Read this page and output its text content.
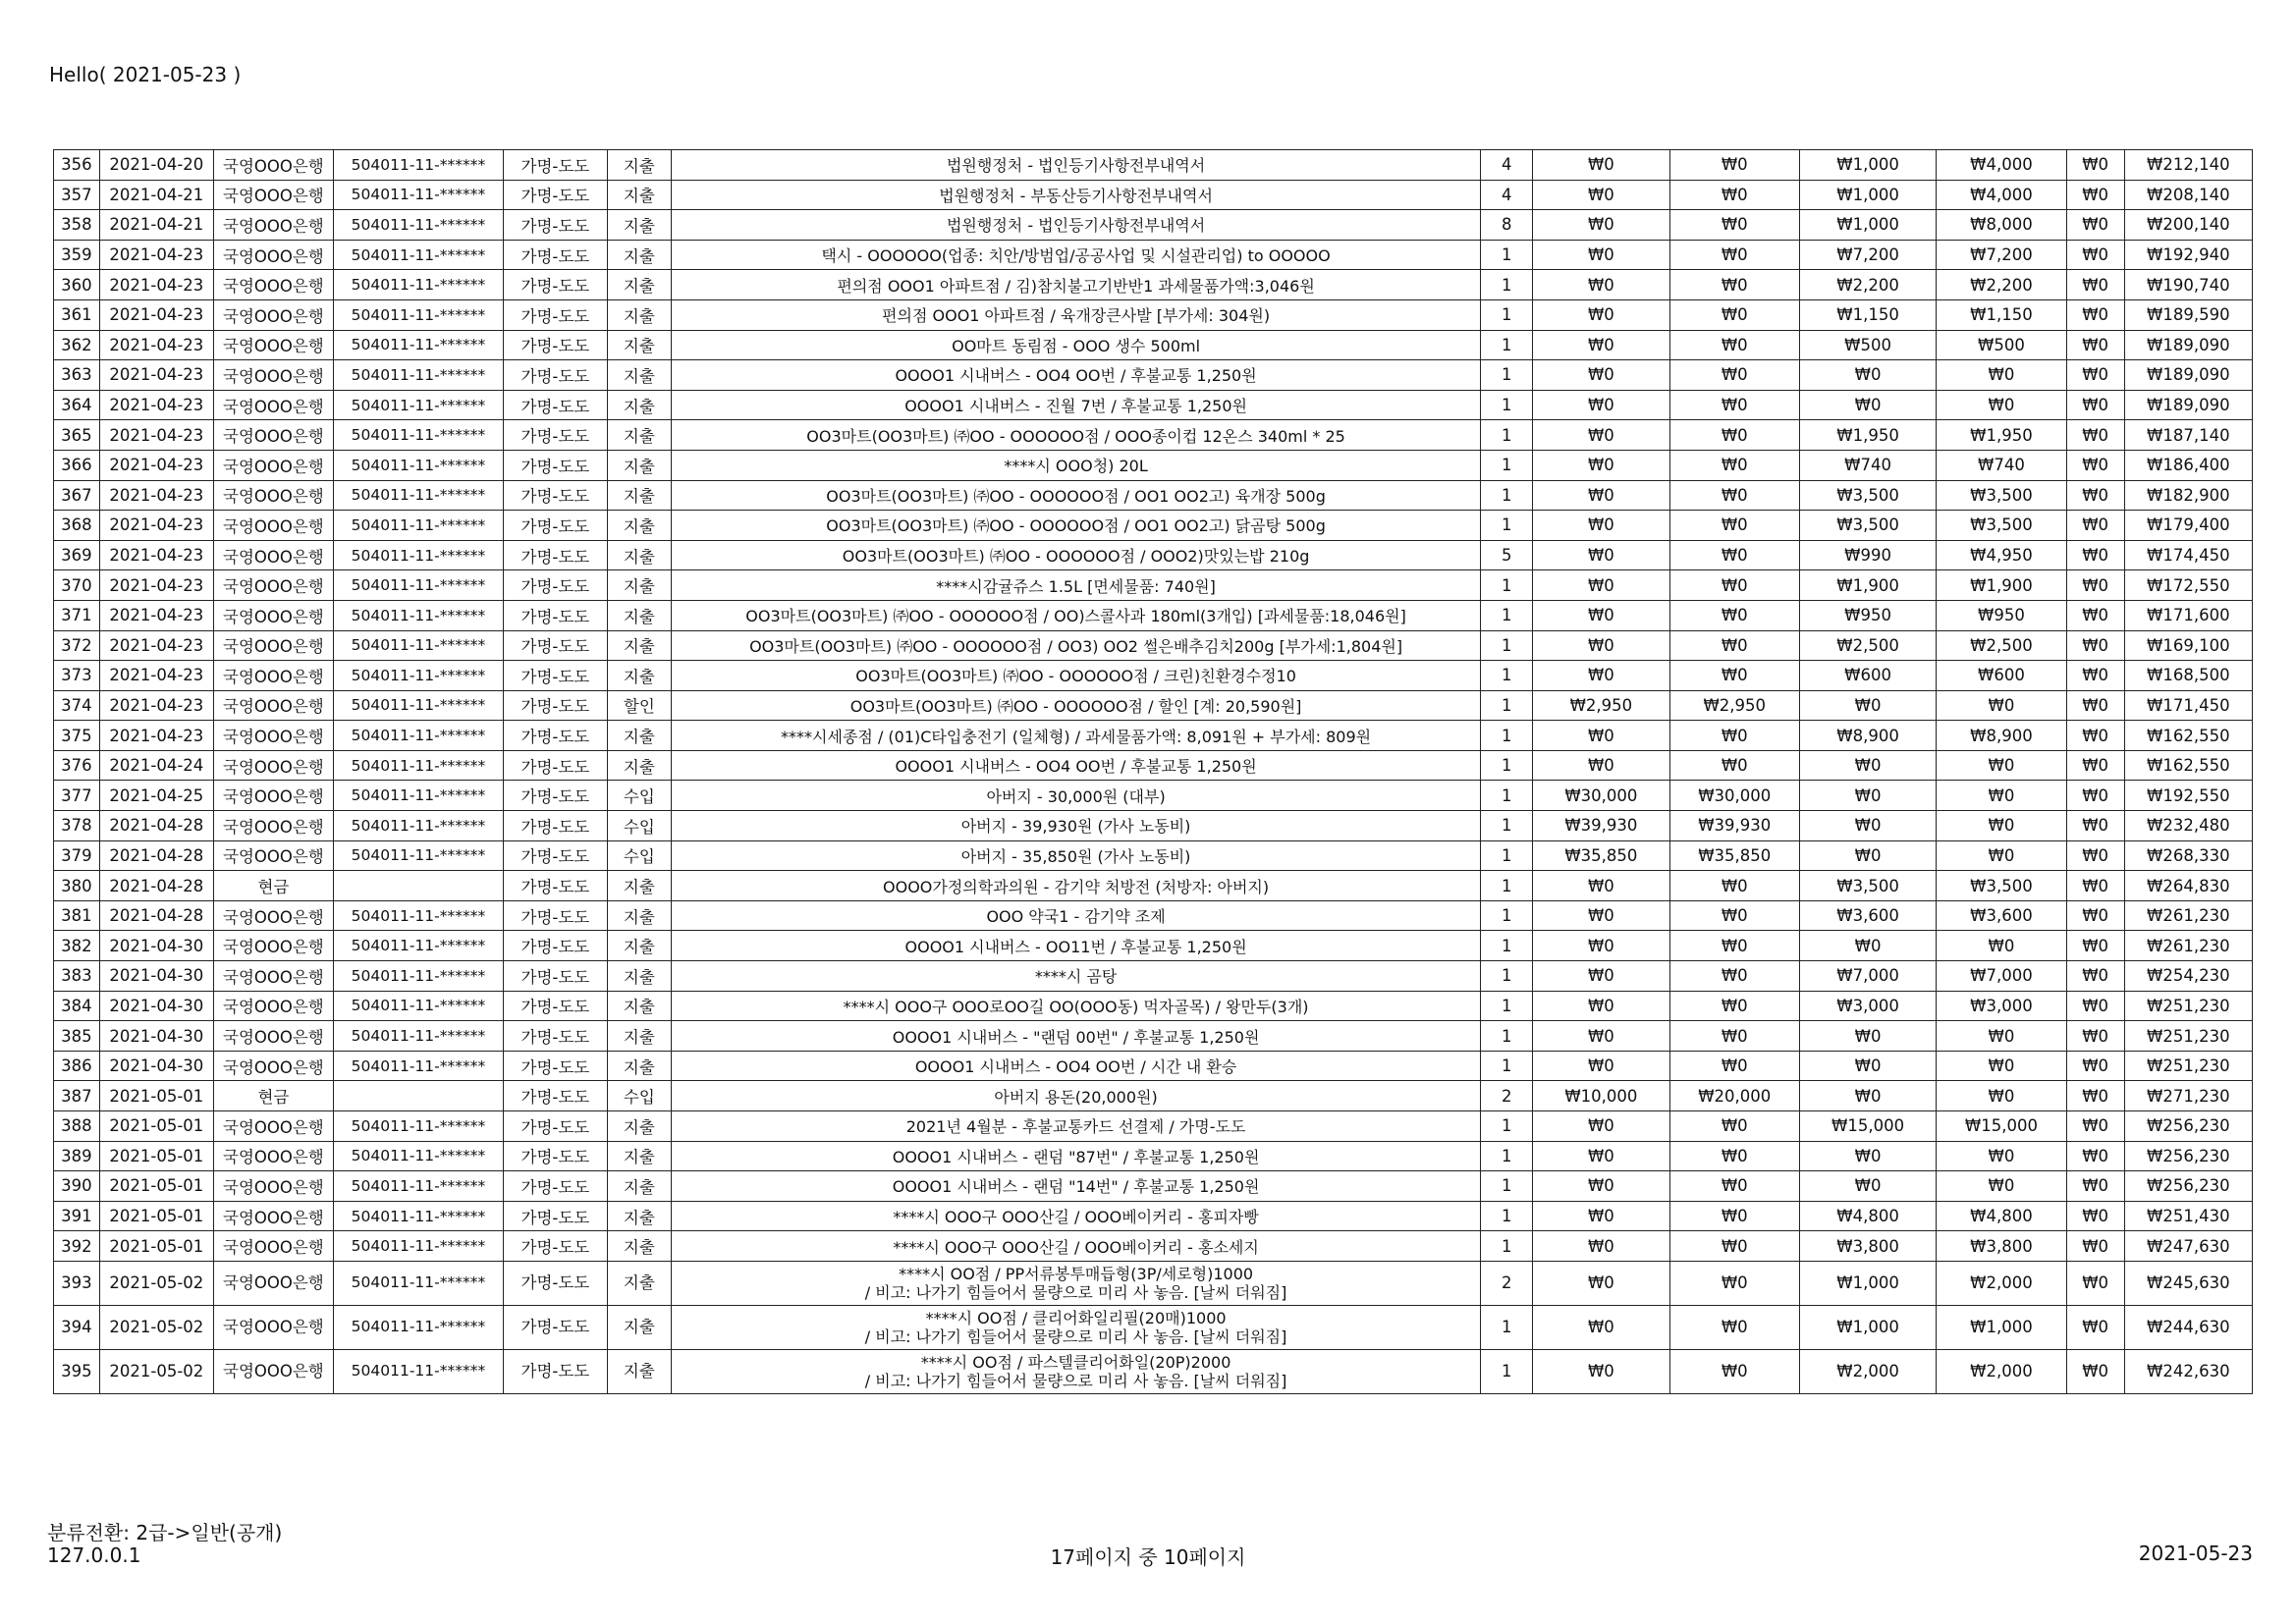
Hello( 2021-05-23 )
356	2021-04-20	국영OOO은행	504011-11-******	가명-도도	지출	법원행정처 - 법인등기사항전부내역서	4	₩0	₩0	₩1,000	₩4,000	₩0	₩212,140
357	2021-04-21	국영OOO은행	504011-11-******	가명-도도	지출	법원행정처 - 부동산등기사항전부내역서	4	₩0	₩0	₩1,000	₩4,000	₩0	₩208,140
358	2021-04-21	국영OOO은행	504011-11-******	가명-도도	지출	법원행정처 - 법인등기사항전부내역서	8	₩0	₩0	₩1,000	₩8,000	₩0	₩200,140
359	2021-04-23	국영OOO은행	504011-11-******	가명-도도	지출	택시 - OOOOOO(업종: 치안/방범업/공공사업 및 시설관리업) to OOOOO	1	₩0	₩0	₩7,200	₩7,200	₩0	₩192,940
360	2021-04-23	국영OOO은행	504011-11-******	가명-도도	지출	편의점 OOO1 아파트점 / 김)참치불고기반반1 과세물품가액:3,046원	1	₩0	₩0	₩2,200	₩2,200	₩0	₩190,740
361	2021-04-23	국영OOO은행	504011-11-******	가명-도도	지출	편의점 OOO1 아파트점 / 육개장큰사발 [부가세: 304원)	1	₩0	₩0	₩1,150	₩1,150	₩0	₩189,590
362	2021-04-23	국영OOO은행	504011-11-******	가명-도도	지출	OO마트 동림점 - OOO 생수 500ml	1	₩0	₩0	₩500	₩500	₩0	₩189,090
363	2021-04-23	국영OOO은행	504011-11-******	가명-도도	지출	OOOO1 시내버스 - OO4 OO번 / 후불교통 1,250원	1	₩0	₩0	₩0	₩0	₩0	₩189,090
364	2021-04-23	국영OOO은행	504011-11-******	가명-도도	지출	OOOO1 시내버스 - 진월 7번 / 후불교통 1,250원	1	₩0	₩0	₩0	₩0	₩0	₩189,090
365	2021-04-23	국영OOO은행	504011-11-******	가명-도도	지출	OO3마트(OO3마트) ㈜OO - OOOOOO점 / OOO종이컵 12온스 340ml * 25	1	₩0	₩0	₩1,950	₩1,950	₩0	₩187,140
366	2021-04-23	국영OOO은행	504011-11-******	가명-도도	지출	****시 OOO청) 20L	1	₩0	₩0	₩740	₩740	₩0	₩186,400
367	2021-04-23	국영OOO은행	504011-11-******	가명-도도	지출	OO3마트(OO3마트) ㈜OO - OOOOOO점 / OO1 OO2고) 육개장 500g	1	₩0	₩0	₩3,500	₩3,500	₩0	₩182,900
368	2021-04-23	국영OOO은행	504011-11-******	가명-도도	지출	OO3마트(OO3마트) ㈜OO - OOOOOO점 / OO1 OO2고) 닭곰탕 500g	1	₩0	₩0	₩3,500	₩3,500	₩0	₩179,400
369	2021-04-23	국영OOO은행	504011-11-******	가명-도도	지출	OO3마트(OO3마트) ㈜OO - OOOOOO점 / OOO2)맛있는밥 210g	5	₩0	₩0	₩990	₩4,950	₩0	₩174,450
370	2021-04-23	국영OOO은행	504011-11-******	가명-도도	지출	****시감귤쥬스 1.5L [면세물품: 740원]	1	₩0	₩0	₩1,900	₩1,900	₩0	₩172,550
371	2021-04-23	국영OOO은행	504011-11-******	가명-도도	지출	OO3마트(OO3마트) ㈜OO - OOOOOO점 / OO)스콜사과 180ml(3개입) [과세물품:18,046원]	1	₩0	₩0	₩950	₩950	₩0	₩171,600
372	2021-04-23	국영OOO은행	504011-11-******	가명-도도	지출	OO3마트(OO3마트) ㈜OO - OOOOOO점 / OO3) OO2 썰은배추김치200g [부가세:1,804원]	1	₩0	₩0	₩2,500	₩2,500	₩0	₩169,100
373	2021-04-23	국영OOO은행	504011-11-******	가명-도도	지출	OO3마트(OO3마트) ㈜OO - OOOOOO점 / 크린)친환경수정10	1	₩0	₩0	₩600	₩600	₩0	₩168,500
374	2021-04-23	국영OOO은행	504011-11-******	가명-도도	할인	OO3마트(OO3마트) ㈜OO - OOOOOO점 / 할인 [계: 20,590원]	1	₩2,950	₩2,950	₩0	₩0	₩0	₩171,450
375	2021-04-23	국영OOO은행	504011-11-******	가명-도도	지출	****시세종점 / (01)C타입충전기 (일체형) / 과세물품가액: 8,091원 + 부가세: 809원	1	₩0	₩0	₩8,900	₩8,900	₩0	₩162,550
376	2021-04-24	국영OOO은행	504011-11-******	가명-도도	지출	OOOO1 시내버스 - OO4 OO번 / 후불교통 1,250원	1	₩0	₩0	₩0	₩0	₩0	₩162,550
377	2021-04-25	국영OOO은행	504011-11-******	가명-도도	수입	아버지 - 30,000원 (대부)	1	₩30,000	₩30,000	₩0	₩0	₩0	₩192,550
378	2021-04-28	국영OOO은행	504011-11-******	가명-도도	수입	아버지 - 39,930원 (가사 노동비)	1	₩39,930	₩39,930	₩0	₩0	₩0	₩232,480
379	2021-04-28	국영OOO은행	504011-11-******	가명-도도	수입	아버지 - 35,850원 (가사 노동비)	1	₩35,850	₩35,850	₩0	₩0	₩0	₩268,330
380	2021-04-28	현금		가명-도도	지출	OOOO가정의학과의원 - 감기약 처방전 (처방자: 아버지)	1	₩0	₩0	₩3,500	₩3,500	₩0	₩264,830
381	2021-04-28	국영OOO은행	504011-11-******	가명-도도	지출	OOO 약국1 - 감기약 조제	1	₩0	₩0	₩3,600	₩3,600	₩0	₩261,230
382	2021-04-30	국영OOO은행	504011-11-******	가명-도도	지출	OOOO1 시내버스 - OO11번 / 후불교통 1,250원	1	₩0	₩0	₩0	₩0	₩0	₩261,230
383	2021-04-30	국영OOO은행	504011-11-******	가명-도도	지출	****시 곰탕	1	₩0	₩0	₩7,000	₩7,000	₩0	₩254,230
384	2021-04-30	국영OOO은행	504011-11-******	가명-도도	지출	****시 OOO구 OOO로OO길 OO(OOO동) 먹자골목) / 왕만두(3개)	1	₩0	₩0	₩3,000	₩3,000	₩0	₩251,230
385	2021-04-30	국영OOO은행	504011-11-******	가명-도도	지출	OOOO1 시내버스 - "랜덤 00번" / 후불교통 1,250원	1	₩0	₩0	₩0	₩0	₩0	₩251,230
386	2021-04-30	국영OOO은행	504011-11-******	가명-도도	지출	OOOO1 시내버스 - OO4 OO번 / 시간 내 환승	1	₩0	₩0	₩0	₩0	₩0	₩251,230
387	2021-05-01	현금		가명-도도	수입	아버지 용돈(20,000원)	2	₩10,000	₩20,000	₩0	₩0	₩0	₩271,230
388	2021-05-01	국영OOO은행	504011-11-******	가명-도도	지출	2021년 4월분 - 후불교통카드 선결제 / 가명-도도	1	₩0	₩0	₩15,000	₩15,000	₩0	₩256,230
389	2021-05-01	국영OOO은행	504011-11-******	가명-도도	지출	OOOO1 시내버스 - 랜덤 "87번" / 후불교통 1,250원	1	₩0	₩0	₩0	₩0	₩0	₩256,230
390	2021-05-01	국영OOO은행	504011-11-******	가명-도도	지출	OOOO1 시내버스 - 랜덤 "14번" / 후불교통 1,250원	1	₩0	₩0	₩0	₩0	₩0	₩256,230
391	2021-05-01	국영OOO은행	504011-11-******	가명-도도	지출	****시 OOO구 OOO산길 / OOO베이커리 - 홍피자빵	1	₩0	₩0	₩4,800	₩4,800	₩0	₩251,430
392	2021-05-01	국영OOO은행	504011-11-******	가명-도도	지출	****시 OOO구 OOO산길 / OOO베이커리 - 홍소세지	1	₩0	₩0	₩3,800	₩3,800	₩0	₩247,630
393	2021-05-02	국영OOO은행	504011-11-******	가명-도도	지출	****시 OO점 / PP서류봉투매듭형(3P/세로형)1000
/ 비고: 나가기 힘들어서 물량으로 미리 사 놓음. [날씨 더워짐]	2	₩0	₩0	₩1,000	₩2,000	₩0	₩245,630
394	2021-05-02	국영OOO은행	504011-11-******	가명-도도	지출	****시 OO점 / 클리어화일리필(20매)1000
/ 비고: 나가기 힘들어서 물량으로 미리 사 놓음. [날씨 더워짐]	1	₩0	₩0	₩1,000	₩1,000	₩0	₩244,630
395	2021-05-02	국영OOO은행	504011-11-******	가명-도도	지출	****시 OO점 / 파스텔클리어화일(20P)2000
/ 비고: 나가기 힘들어서 물량으로 미리 사 놓음. [날씨 더워짐]	1	₩0	₩0	₩2,000	₩2,000	₩0	₩242,630
분류전환: 2급->일반(공개)
127.0.0.1	17페이지 중 10페이지	2021-05-23
